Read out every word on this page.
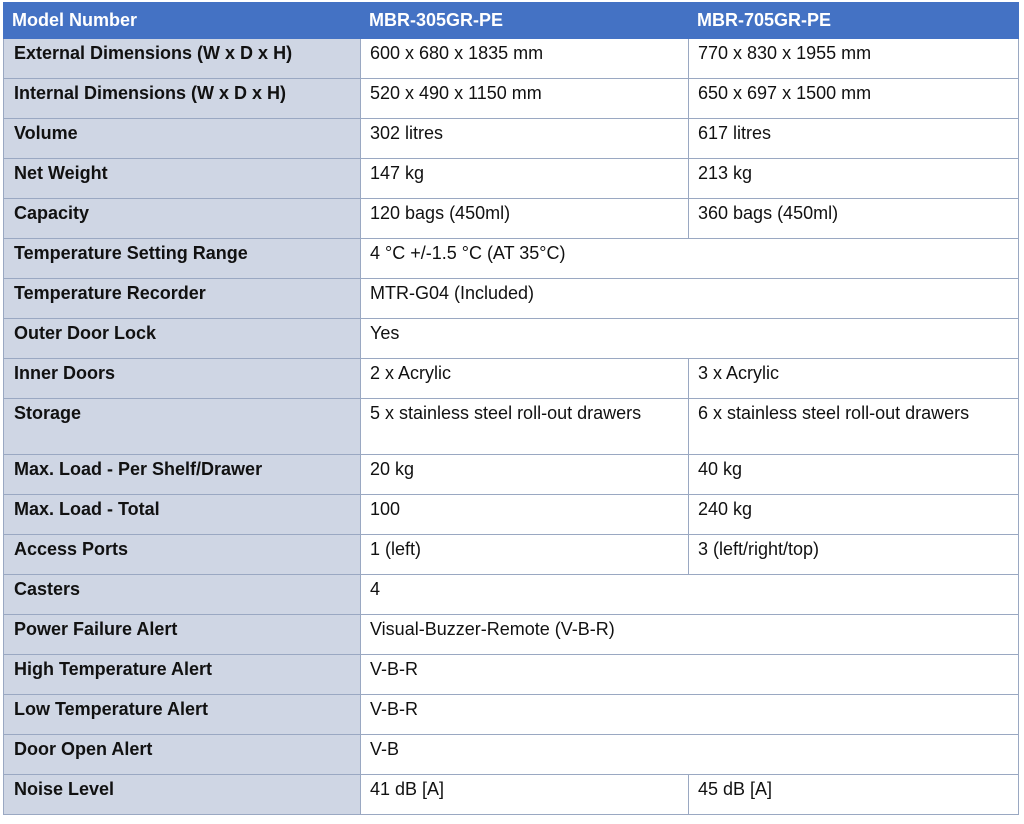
Model Number	MBR-305GR-PE	MBR-705GR-PE
External Dimensions (W x D x H)	600 x 680 x 1835 mm	770 x 830 x 1955 mm
Internal Dimensions (W x D x H)	520 x 490 x 1150 mm	650 x 697 x 1500 mm
Volume	302 litres	617 litres
Net Weight	147 kg	213 kg
Capacity	120 bags (450ml)	360 bags (450ml)
Temperature Setting Range	4 °C +/-1.5 °C (AT 35°C)	
Temperature Recorder	MTR-G04 (Included)	
Outer Door Lock	Yes	
Inner Doors	2 x Acrylic	3 x Acrylic
Storage	5 x stainless steel roll-out drawers	6 x stainless steel roll-out drawers
Max. Load - Per Shelf/Drawer	20 kg	40 kg
Max. Load - Total	100	240 kg
Access Ports	1 (left)	3 (left/right/top)
Casters	4	
Power Failure Alert	Visual-Buzzer-Remote (V-B-R)	
High Temperature Alert	V-B-R	
Low Temperature Alert	V-B-R	
Door Open Alert	V-B	
Noise Level	41 dB [A]	45 dB [A]
